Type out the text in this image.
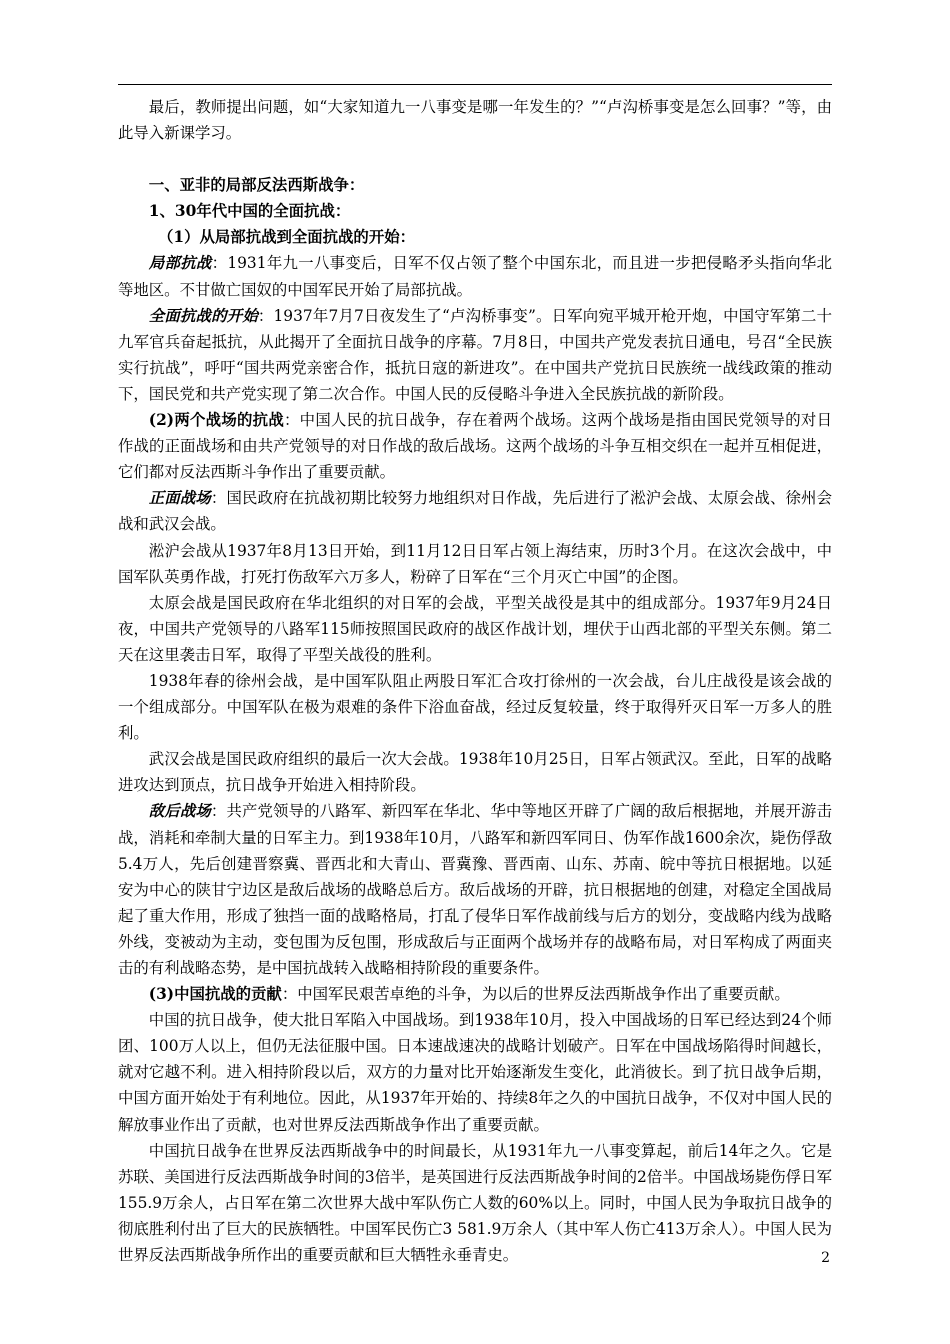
最后，教师提出问题，如“大家知道九一八事变是哪一年发生的？”“卢沟桥事变是怎么回事？”等，由此导入新课学习。

一、亚非的局部反法西斯战争：

1、30年代中国的全面抗战：

（1）从局部抗战到全面抗战的开始：

局部抗战：1931年九一八事变后，日军不仅占领了整个中国东北，而且进一步把侵略矛头指向华北等地区。不甘做亡国奴的中国军民开始了局部抗战。

全面抗战的开始：1937年7月7日夜发生了“卢沟桥事变”。日军向宛平城开枪开炮，中国守军第二十九军官兵奋起抵抗，从此揭开了全面抗日战争的序幕。7月8日，中国共产党发表抗日通电，号召“全民族实行抗战”，呼吁“国共两党亲密合作，抵抗日寇的新进攻”。在中国共产党抗日民族统一战线政策的推动下，国民党和共产党实现了第二次合作。中国人民的反侵略斗争进入全民族抗战的新阶段。

(2)两个战场的抗战：中国人民的抗日战争，存在着两个战场。这两个战场是指由国民党领导的对日作战的正面战场和由共产党领导的对日作战的敌后战场。这两个战场的斗争互相交织在一起并互相促进，它们都对反法西斯斗争作出了重要贡献。

正面战场：国民政府在抗战初期比较努力地组织对日作战，先后进行了淞沪会战、太原会战、徐州会战和武汉会战。

淞沪会战从1937年8月13日开始，到11月12日日军占领上海结束，历时3个月。在这次会战中，中国军队英勇作战，打死打伤敌军六万多人，粉碎了日军在“三个月灭亡中国”的企图。

太原会战是国民政府在华北组织的对日军的会战，平型关战役是其中的组成部分。1937年9月24日夜，中国共产党领导的八路军115师按照国民政府的战区作战计划，埋伏于山西北部的平型关东侧。第二天在这里袭击日军，取得了平型关战役的胜利。

1938年春的徐州会战，是中国军队阻止两股日军汇合攻打徐州的一次会战，台儿庄战役是该会战的一个组成部分。中国军队在极为艰难的条件下浴血奋战，经过反复较量，终于取得歼灭日军一万多人的胜利。

武汉会战是国民政府组织的最后一次大会战。1938年10月25日，日军占领武汉。至此，日军的战略进攻达到顶点，抗日战争开始进入相持阶段。

敌后战场：共产党领导的八路军、新四军在华北、华中等地区开辟了广阔的敌后根据地，并展开游击战，消耗和牵制大量的日军主力。到1938年10月，八路军和新四军同日、伪军作战1600余次，毙伤俘敌5.4万人，先后创建晋察冀、晋西北和大青山、晋冀豫、晋西南、山东、苏南、皖中等抗日根据地。以延安为中心的陕甘宁边区是敌后战场的战略总后方。敌后战场的开辟，抗日根据地的创建，对稳定全国战局起了重大作用，形成了独挡一面的战略格局，打乱了侵华日军作战前线与后方的划分，变战略内线为战略外线，变被动为主动，变包围为反包围，形成敌后与正面两个战场并存的战略布局，对日军构成了两面夹击的有利战略态势，是中国抗战转入战略相持阶段的重要条件。

(3)中国抗战的贡献：中国军民艰苦卓绝的斗争，为以后的世界反法西斯战争作出了重要贡献。

中国的抗日战争，使大批日军陷入中国战场。到1938年10月，投入中国战场的日军已经达到24个师团、100万人以上，但仍无法征服中国。日本速战速决的战略计划破产。日军在中国战场陷得时间越长，就对它越不利。进入相持阶段以后，双方的力量对比开始逐渐发生变化，此消彼长。到了抗日战争后期，中国方面开始处于有利地位。因此，从1937年开始的、持续8年之久的中国抗日战争，不仅对中国人民的解放事业作出了贡献，也对世界反法西斯战争作出了重要贡献。

中国抗日战争在世界反法西斯战争中的时间最长，从1931年九一八事变算起，前后14年之久。它是苏联、美国进行反法西斯战争时间的3倍半，是英国进行反法西斯战争时间的2倍半。中国战场毙伤俘日军155.9万余人，占日军在第二次世界大战中军队伤亡人数的60%以上。同时，中国人民为争取抗日战争的彻底胜利付出了巨大的民族牺牲。中国军民伤亡3 581.9万余人（其中军人伤亡413万余人）。中国人民为世界反法西斯战争所作出的重要贡献和巨大牺牲永垂青史。	2
